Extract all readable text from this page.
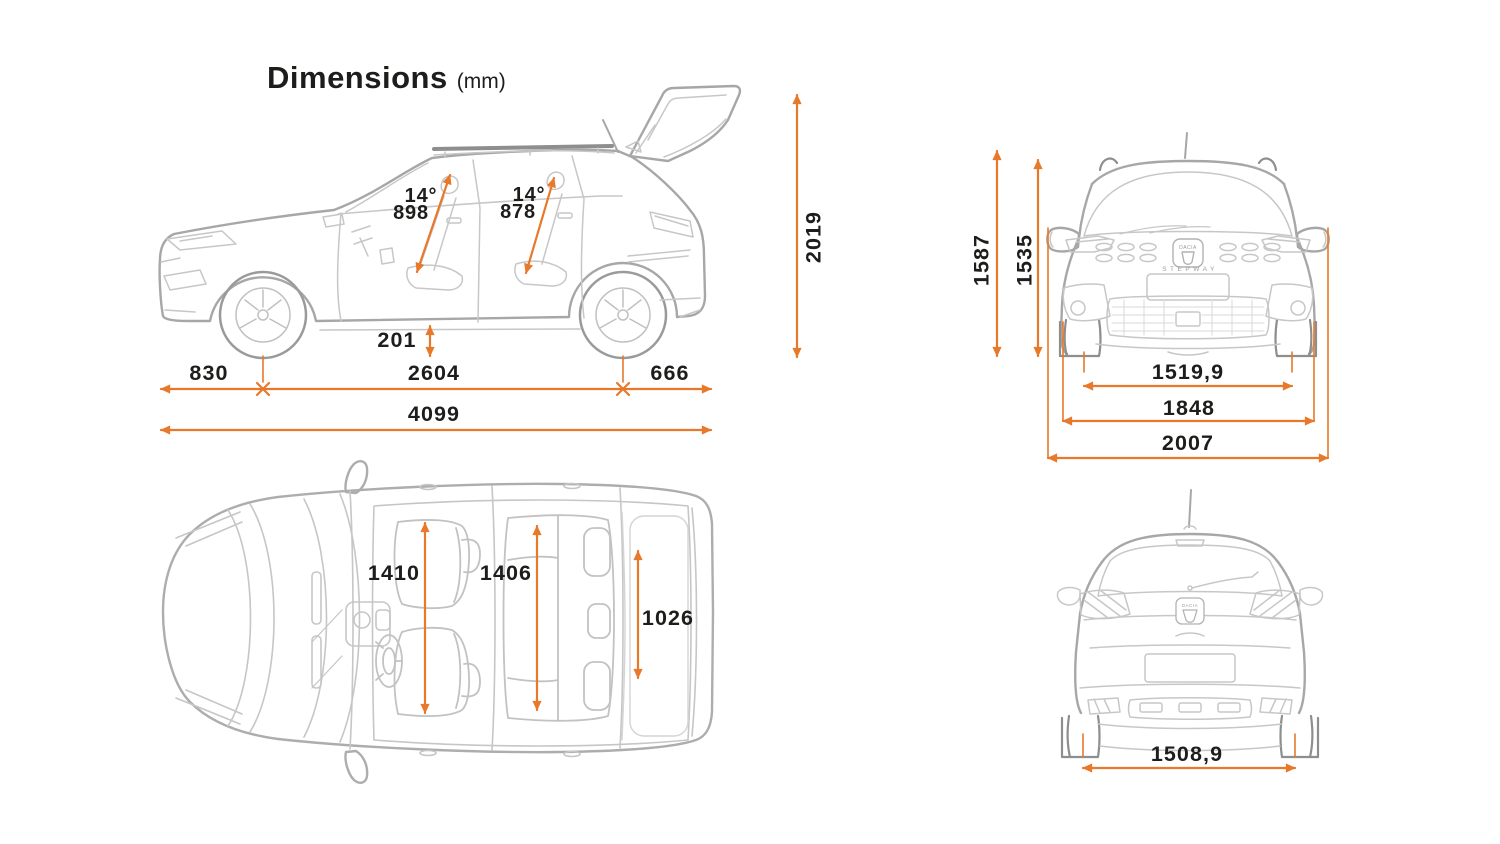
DACIA
STEPWAY
DACIA
Dimensions (mm)
14°
898
14°
878
201
830	2604	666
4099
2019	1587 1535
1519,9
1848
2007
1410	1406
1026
1508,9
